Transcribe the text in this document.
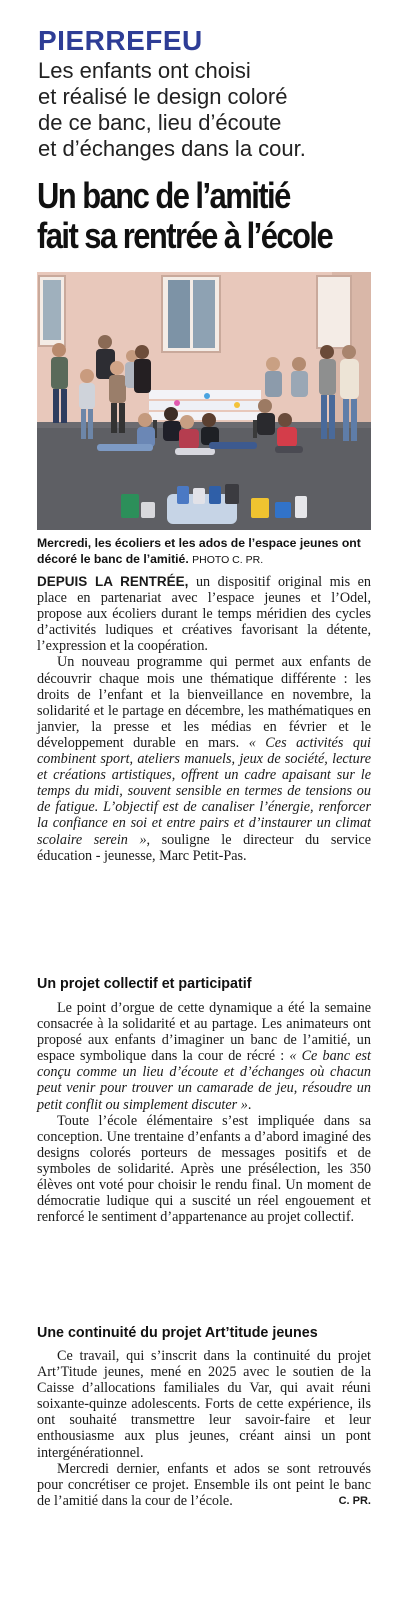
PIERREFEU
Les enfants ont choisi
et réalisé le design coloré
de ce banc, lieu d’écoute
et d’échanges dans la cour.
Un banc de l’amitié
fait sa rentrée à l’école
Mercredi, les écoliers et les ados de l’espace jeunes ont décoré le banc de l’amitié. PHOTO C. PR.

DEPUIS LA RENTRÉE, un dispositif original mis en place en partenariat avec l’espace jeunes et l’Odel, propose aux écoliers durant le temps méridien des cycles d’activités ludiques et créatives favorisant la détente, l’expression et la coopération.

Un nouveau programme qui permet aux enfants de découvrir chaque mois une thématique différente : les droits de l’enfant et la bienveillance en novembre, la solidarité et le partage en décembre, les mathématiques en janvier, la presse et les médias en février et le développement durable en mars. « Ces activités qui combinent sport, ateliers manuels, jeux de société, lecture et créations artistiques, offrent un cadre apaisant sur le temps du midi, souvent sensible en termes de tensions ou de fatigue. L’objectif est de canaliser l’énergie, renforcer la confiance en soi et entre pairs et d’instaurer un climat scolaire serein », souligne le directeur du service éducation - jeunesse, Marc Petit-Pas.

Un projet collectif et participatif

Le point d’orgue de cette dynamique a été la semaine consacrée à la solidarité et au partage. Les animateurs ont proposé aux enfants d’imaginer un banc de l’amitié, un espace symbolique dans la cour de récré : « Ce banc est conçu comme un lieu d’écoute et d’échanges où chacun peut venir pour trouver un camarade de jeu, résoudre un petit conflit ou simplement discuter ».

Toute l’école élémentaire s’est impliquée dans sa conception. Une trentaine d’enfants a d’abord imaginé des designs colorés porteurs de messages positifs et de symboles de solidarité. Après une présélection, les 350 élèves ont voté pour choisir le rendu final. Un moment de démocratie ludique qui a suscité un réel engouement et renforcé le sentiment d’appartenance au projet collectif.

Une continuité du projet Art’titude jeunes

Ce travail, qui s’inscrit dans la continuité du projet Art’Titude jeunes, mené en 2025 avec le soutien de la Caisse d’allocations familiales du Var, qui avait réuni soixante-quinze adolescents. Forts de cette expérience, ils ont souhaité transmettre leur savoir-faire et leur enthousiasme aux plus jeunes, créant ainsi un pont intergénérationnel.

Mercredi dernier, enfants et ados se sont retrouvés pour concrétiser ce projet. Ensemble ils ont peint le banc de l’amitié dans la cour de l’école.	C. PR.
